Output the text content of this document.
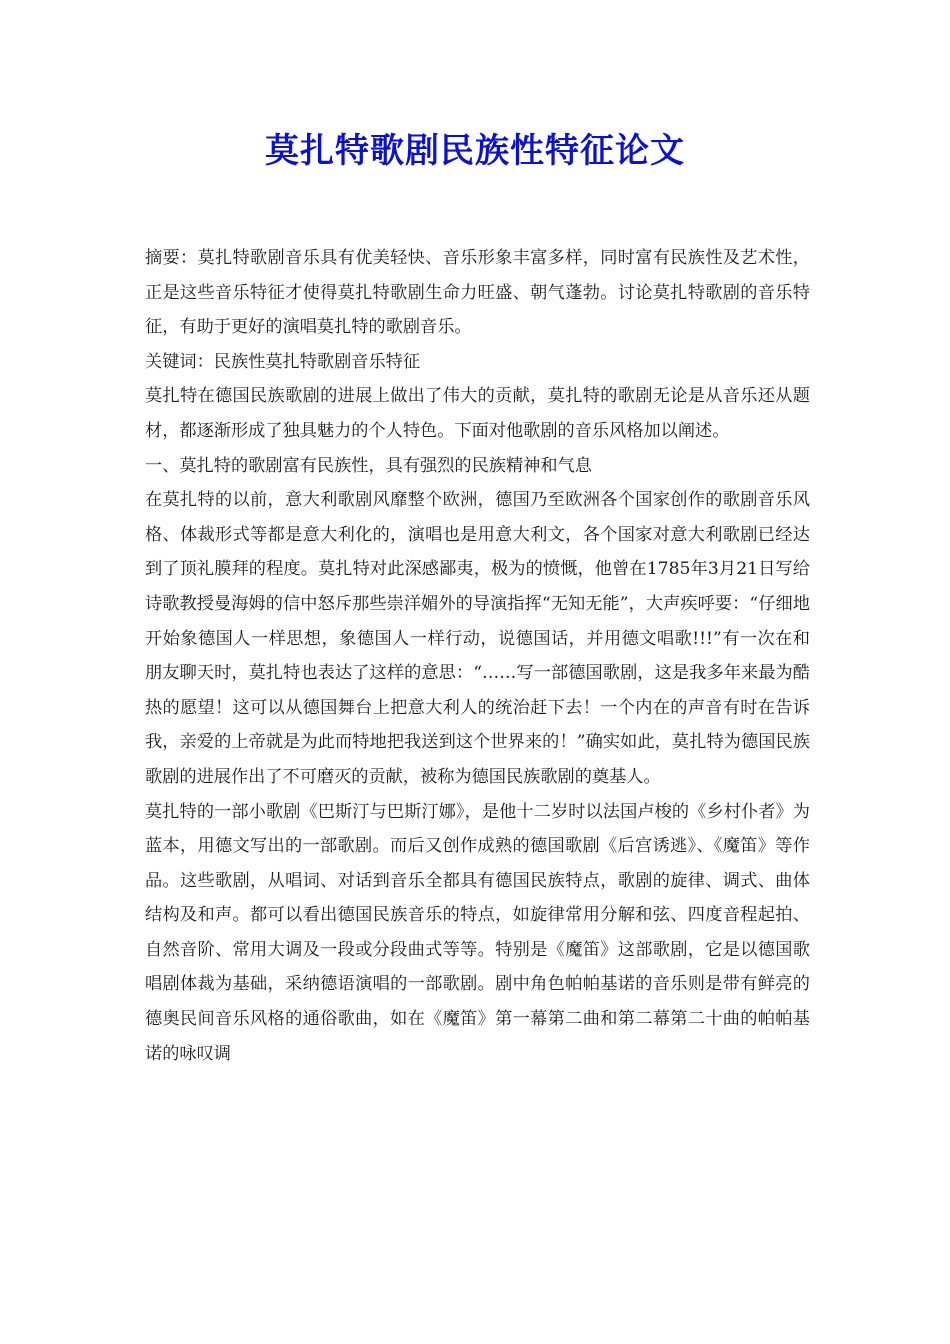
莫扎特歌剧民族性特征论文

摘要：莫扎特歌剧音乐具有优美轻快、音乐形象丰富多样，同时富有民族性及艺术性，正是这些音乐特征才使得莫扎特歌剧生命力旺盛、朝气蓬勃。讨论莫扎特歌剧的音乐特征，有助于更好的演唱莫扎特的歌剧音乐。

关键词：民族性莫扎特歌剧音乐特征

莫扎特在德国民族歌剧的进展上做出了伟大的贡献，莫扎特的歌剧无论是从音乐还从题材，都逐渐形成了独具魅力的个人特色。下面对他歌剧的音乐风格加以阐述。

一、莫扎特的歌剧富有民族性，具有强烈的民族精神和气息

在莫扎特的以前，意大利歌剧风靡整个欧洲，德国乃至欧洲各个国家创作的歌剧音乐风格、体裁形式等都是意大利化的，演唱也是用意大利文，各个国家对意大利歌剧已经达到了顶礼膜拜的程度。莫扎特对此深感鄙夷，极为的愤慨，他曾在1785年3月21日写给诗歌教授曼海姆的信中怒斥那些崇洋媚外的导演指挥“无知无能”，大声疾呼要：“仔细地开始象德国人一样思想，象德国人一样行动，说德国话，并用德文唱歌!!!”有一次在和朋友聊天时，莫扎特也表达了这样的意思：“……写一部德国歌剧，这是我多年来最为酷热的愿望！这可以从德国舞台上把意大利人的统治赶下去！一个内在的声音有时在告诉我，亲爱的上帝就是为此而特地把我送到这个世界来的！”确实如此，莫扎特为德国民族歌剧的进展作出了不可磨灭的贡献，被称为德国民族歌剧的奠基人。

莫扎特的一部小歌剧《巴斯汀与巴斯汀娜》，是他十二岁时以法国卢梭的《乡村仆者》为蓝本，用德文写出的一部歌剧。而后又创作成熟的德国歌剧《后宫诱逃》、《魔笛》等作品。这些歌剧，从唱词、对话到音乐全都具有德国民族特点，歌剧的旋律、调式、曲体结构及和声。都可以看出德国民族音乐的特点，如旋律常用分解和弦、四度音程起拍、自然音阶、常用大调及一段或分段曲式等等。特别是《魔笛》这部歌剧，它是以德国歌唱剧体裁为基础，采纳德语演唱的一部歌剧。剧中角色帕帕基诺的音乐则是带有鲜亮的德奥民间音乐风格的通俗歌曲，如在《魔笛》第一幕第二曲和第二幕第二十曲的帕帕基诺的咏叹调
